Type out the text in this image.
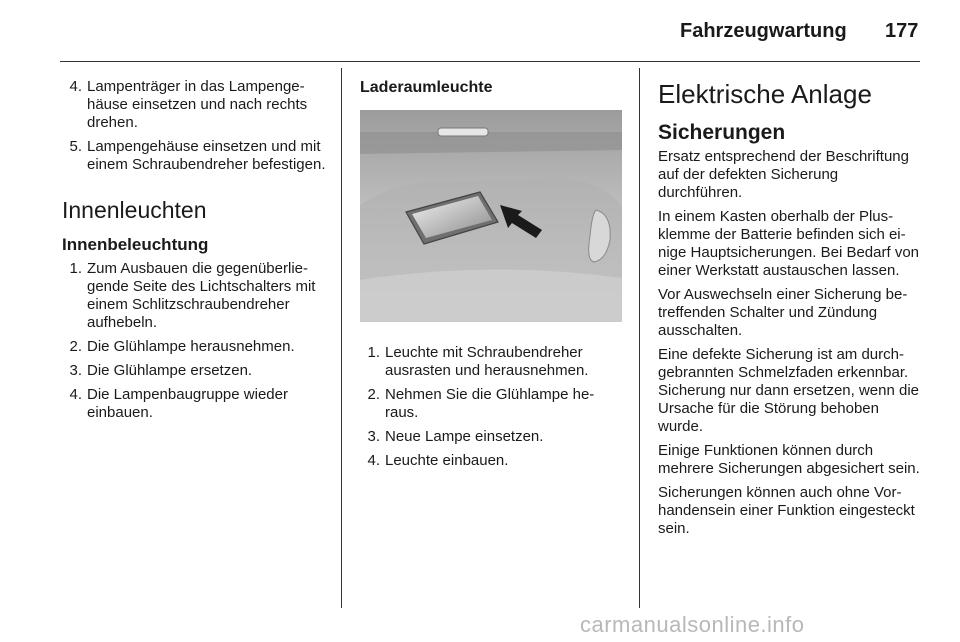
Fahrzeugwartung 177
4. Lampenträger in das Lampengehäuse einsetzen und nach rechts drehen.
5. Lampengehäuse einsetzen und mit einem Schraubendreher befestigen.
Innenleuchten
Innenbeleuchtung
1. Zum Ausbauen die gegenüberliegende Seite des Lichtschalters mit einem Schlitzschraubendreher aufhebeln.
2. Die Glühlampe herausnehmen.
3. Die Glühlampe ersetzen.
4. Die Lampenbaugruppe wieder einbauen.
Laderaumleuchte
1. Leuchte mit Schraubendreher ausrasten und herausnehmen.
2. Nehmen Sie die Glühlampe heraus.
3. Neue Lampe einsetzen.
4. Leuchte einbauen.
Elektrische Anlage
Sicherungen

Ersatz entsprechend der Beschriftung auf der defekten Sicherung durchführen.

In einem Kasten oberhalb der Plusklemme der Batterie befinden sich einige Hauptsicherungen. Bei Bedarf von einer Werkstatt austauschen lassen.

Vor Auswechseln einer Sicherung betreffenden Schalter und Zündung ausschalten.

Eine defekte Sicherung ist am durchgebrannten Schmelzfaden erkennbar. Sicherung nur dann ersetzen, wenn die Ursache für die Störung behoben wurde.

Einige Funktionen können durch mehrere Sicherungen abgesichert sein.

Sicherungen können auch ohne Vorhandensein einer Funktion eingesteckt sein.

carmanualsonline.info
